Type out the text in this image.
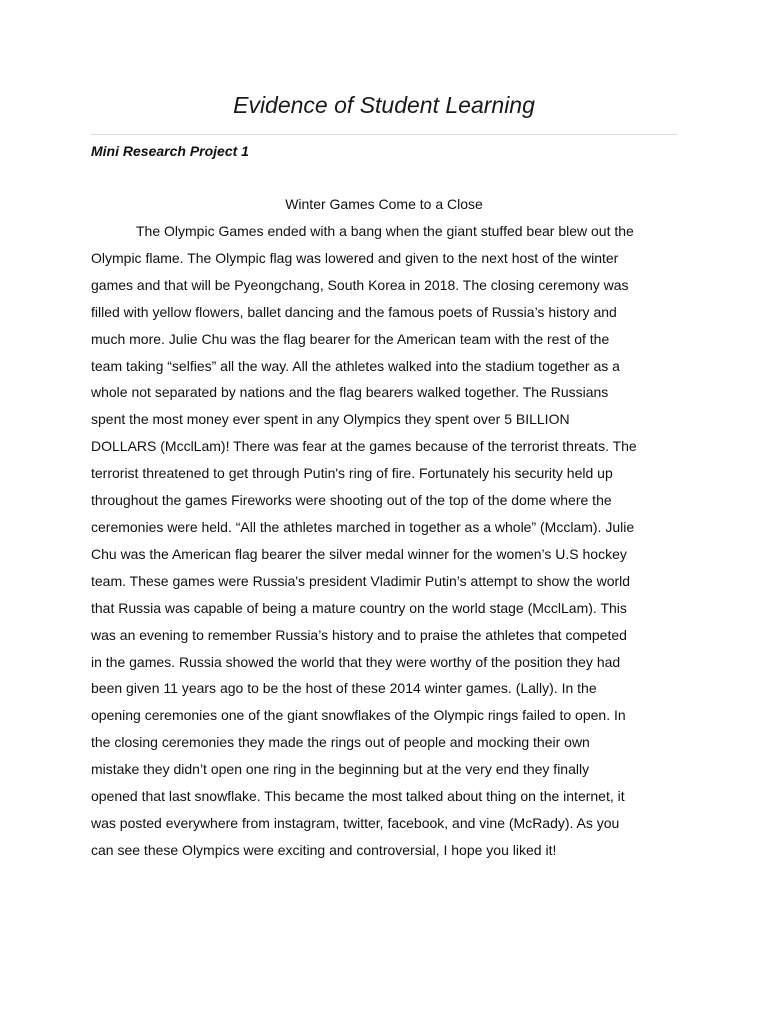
Evidence of Student Learning
Mini Research Project 1
Winter Games Come to a Close
The Olympic Games ended with a bang when the giant stuffed bear blew out the
Olympic flame. The Olympic flag was lowered and given to the next host of the winter
games and that will be Pyeongchang, South Korea in 2018. The closing ceremony was
filled with yellow flowers, ballet dancing and the famous poets of Russia’s history and
much more. Julie Chu was the flag bearer for the American team with the rest of the
team taking “selfies” all the way. All the athletes walked into the stadium together as a
whole not separated by nations and the flag bearers walked together. The Russians
spent the most money ever spent in any Olympics they spent over 5 BILLION
DOLLARS (McclLam)! There was fear at the games because of the terrorist threats. The
terrorist threatened to get through Putin's ring of fire. Fortunately his security held up
throughout the games Fireworks were shooting out of the top of the dome where the
ceremonies were held. “All the athletes marched in together as a whole” (Mcclam). Julie
Chu was the American flag bearer the silver medal winner for the women’s U.S hockey
team. These games were Russia's president Vladimir Putin’s attempt to show the world
that Russia was capable of being a mature country on the world stage (McclLam). This
was an evening to remember Russia’s history and to praise the athletes that competed
in the games. Russia showed the world that they were worthy of the position they had
been given 11 years ago to be the host of these 2014 winter games. (Lally). In the
opening ceremonies one of the giant snowflakes of the Olympic rings failed to open. In
the closing ceremonies they made the rings out of people and mocking their own
mistake they didn’t open one ring in the beginning but at the very end they finally
opened that last snowflake. This became the most talked about thing on the internet, it
was posted everywhere from instagram, twitter, facebook, and vine (McRady). As you
can see these Olympics were exciting and controversial, I hope you liked it!
